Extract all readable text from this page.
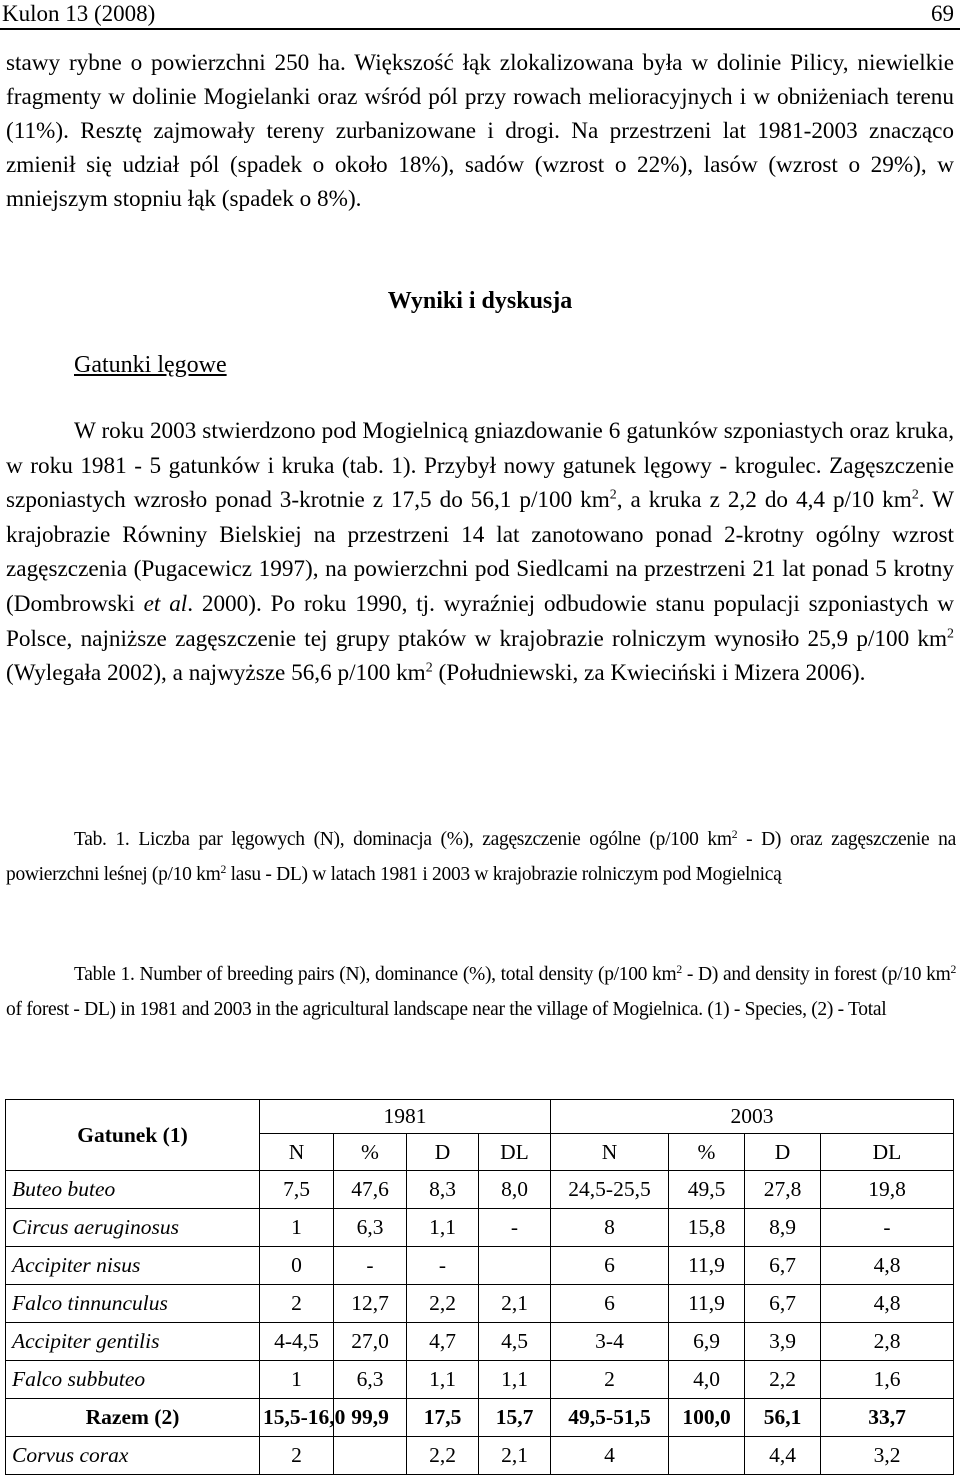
Kulon 13 (2008)	69

stawy rybne o powierzchni 250 ha. Większość łąk zlokalizowana była w dolinie Pilicy, niewielkie fragmenty w dolinie Mogielanki oraz wśród pól przy rowach melioracyjnych i w obniżeniach terenu (11%). Resztę zajmowały tereny zurbanizowane i drogi. Na przestrzeni lat 1981-2003 znacząco zmienił się udział pól (spadek o około 18%), sadów (wzrost o 22%), lasów (wzrost o 29%), w mniejszym stopniu łąk (spadek o 8%).

Wyniki i dyskusja
Gatunki lęgowe

W roku 2003 stwierdzono pod Mogielnicą gniazdowanie 6 gatunków szponiastych oraz kruka, w roku 1981 - 5 gatunków i kruka (tab. 1). Przybył nowy gatunek lęgowy - krogulec. Zagęszczenie szponiastych wzrosło ponad 3-krotnie z 17,5 do 56,1 p/100 $km^2$, a kruka z 2,2 do 4,4 p/10 $km^2$. W krajobrazie Równiny Bielskiej na przestrzeni 14 lat zanotowano ponad 2-krotny ogólny wzrost zagęszczenia (Pugacewicz 1997), na powierzchni pod Siedlcami na przestrzeni 21 lat ponad 5 krotny (Dombrowski et al. 2000). Po roku 1990, tj. wyraźniej odbudowie stanu populacji szponiastych w Polsce, najniższe zagęszczenie tej grupy ptaków w krajobrazie rolniczym wynosiło 25,9 p/100 $km^2$ (Wylegała 2002), a najwyższe 56,6 p/100 $km^2$ (Południewski, za Kwieciński i Mizera 2006).

Tab. 1. Liczba par lęgowych (N), dominacja (%), zagęszczenie ogólne (p/100 $km^2 - D$) oraz zagęszczenie na powierzchni leśnej (p/10 $km^2$ lasu - DL) w latach 1981 i 2003 w krajobrazie rolniczym pod Mogielnicą

Table 1. Number of breeding pairs (N), dominance (%), total density (p/100 $km^2 - D$) and density in forest (p/10 $km^2$ of forest - DL) in 1981 and 2003 in the agricultural landscape near the village of Mogielnica. (1) - Species, (2) - Total

Gatunek (1)	1981				2003			
	N	%	D	DL	N	%	D	DL
Buteo buteo	7,5	47,6	8,3	8,0	24,5-25,5	49,5	27,8	19,8
Circus aeruginosus	1	6,3	1,1	-	8	15,8	8,9	-
Accipiter nisus	0	-	-		6	11,9	6,7	4,8
Falco tinnunculus	2	12,7	2,2	2,1	6	11,9	6,7	4,8
Accipiter gentilis	4-4,5	27,0	4,7	4,5	3-4	6,9	3,9	2,8
Falco subbuteo	1	6,3	1,1	1,1	2	4,0	2,2	1,6
Razem (2)	15,5-16,0	99,9	17,5	15,7	49,5-51,5	100,0	56,1	33,7
Corvus corax	2		2,2	2,1	4		4,4	3,2
